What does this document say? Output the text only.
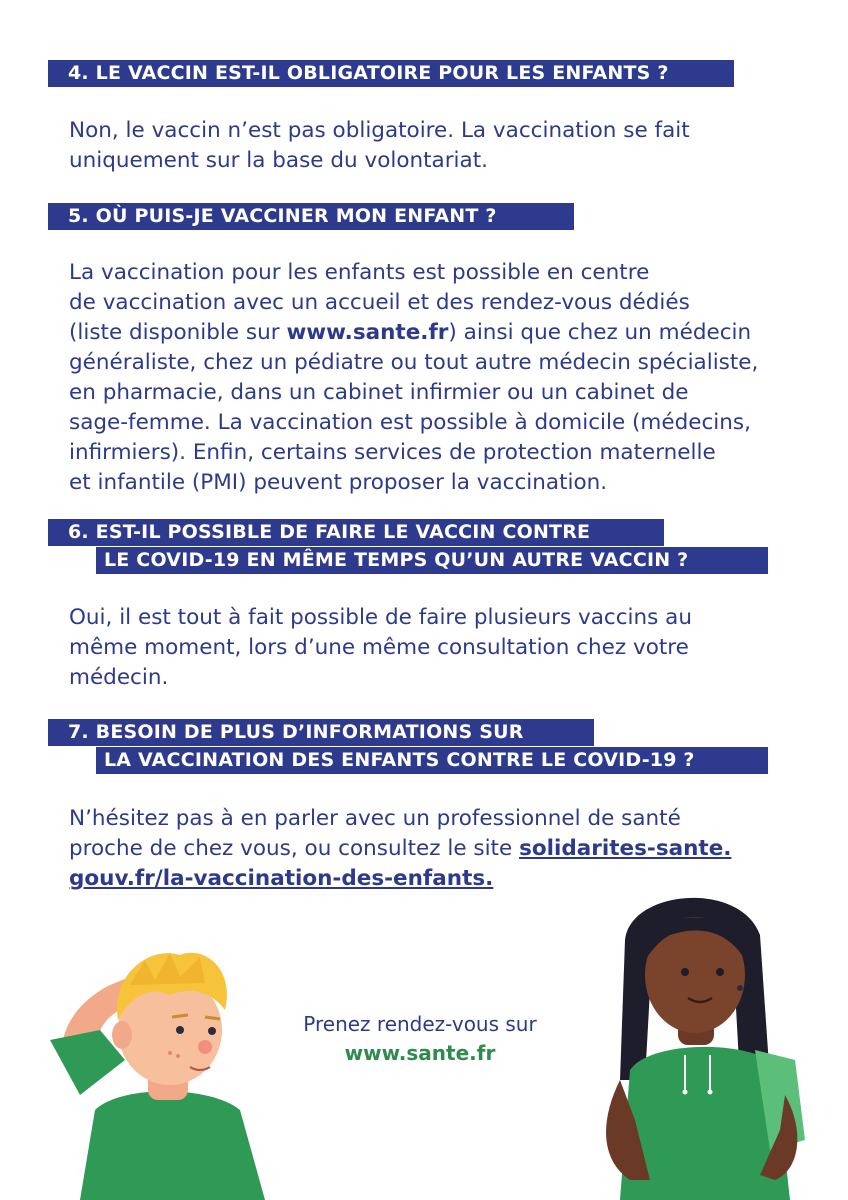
4. LE VACCIN EST-IL OBLIGATOIRE POUR LES ENFANTS ?

Non, le vaccin n’est pas obligatoire. La vaccination se fait
uniquement sur la base du volontariat.

5. OÙ PUIS-JE VACCINER MON ENFANT ?

La vaccination pour les enfants est possible en centre
de vaccination avec un accueil et des rendez-vous dédiés
(liste disponible sur www.sante.fr) ainsi que chez un médecin
généraliste, chez un pédiatre ou tout autre médecin spécialiste,
en pharmacie, dans un cabinet infirmier ou un cabinet de
sage-femme. La vaccination est possible à domicile (médecins,
infirmiers). Enfin, certains services de protection maternelle
et infantile (PMI) peuvent proposer la vaccination.

6. EST-IL POSSIBLE DE FAIRE LE VACCIN CONTRE
LE COVID-19 EN MÊME TEMPS QU’UN AUTRE VACCIN ?

Oui, il est tout à fait possible de faire plusieurs vaccins au
même moment, lors d’une même consultation chez votre
médecin.

7. BESOIN DE PLUS D’INFORMATIONS SUR
LA VACCINATION DES ENFANTS CONTRE LE COVID-19 ?

N’hésitez pas à en parler avec un professionnel de santé
proche de chez vous, ou consultez le site solidarites-sante.
gouv.fr/la-vaccination-des-enfants.

Prenez rendez-vous sur
www.sante.fr
